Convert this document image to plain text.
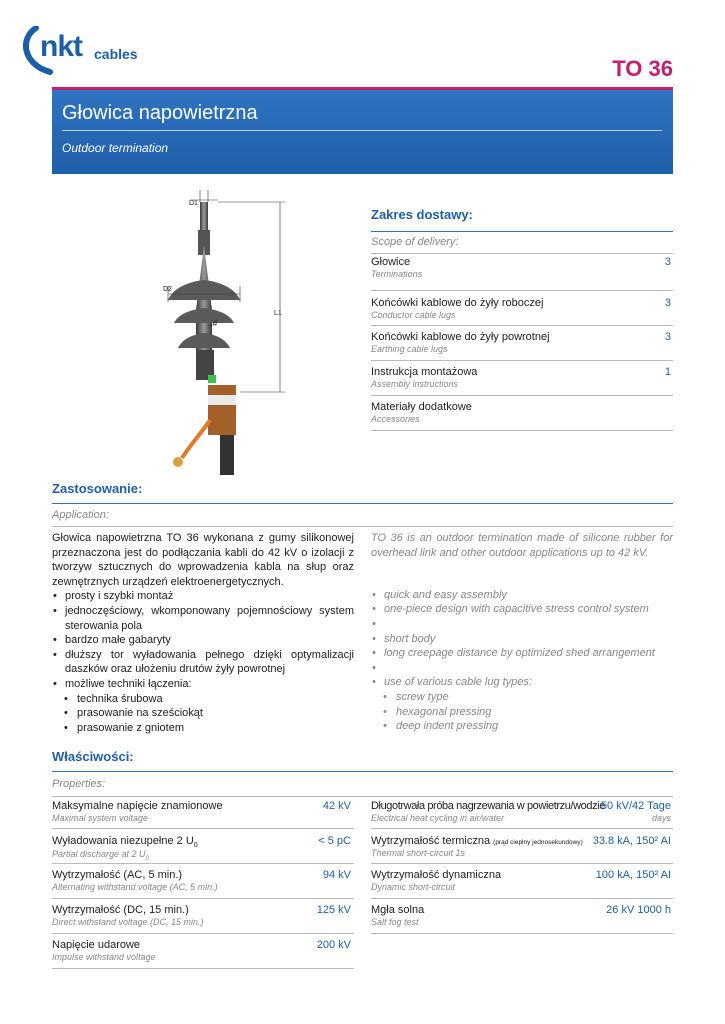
nkt cables
TO 36
Głowica napowietrzna
Outdoor termination
D1
D2
d
L1
Zakres dostawy:
Scope of delivery:
Głowice
Terminations
3
Końcówki kablowe do żyły roboczej
Conductor cable lugs
3
Końcówki kablowe do żyły powrotnej
Earthing cable lugs
3
Instrukcja montażowa
Assembly instructions
1
Materiały dodatkowe
Accessories
Zastosowanie:
Application:
Głowica napowietrzna TO 36 wykonana z gumy silikonowej przeznaczona jest do podłączania kabli do 42 kV o izolacji z tworzyw sztucznych do wprowadzenia kabla na słup oraz zewnętrznych urządzeń elektroenergetycznych.
• prosty i szybki montaż
• jednoczęściowy, wkomponowany pojemnościowy system sterowania pola
• bardzo małe gabaryty
• dłuższy tor wyładowania pełnego dzięki optymalizacji daszków oraz ułożeniu drutów żyły powrotnej
• możliwe techniki łączenia:
• technika śrubowa
• prasowanie na sześciokąt
• prasowanie z gniotem
TO 36 is an outdoor termination made of silicone rubber for overhead link and other outdoor applications up to 42 kV.
• quick and easy assembly
• one-piece design with capacitive stress control system
•
• short body
• long creepage distance by optimized shed arrangement
•
• use of various cable lug types:
• screw type
• hexagonal pressing
• deep indent pressing
Właściwości:
Properties:
Maksymalne napięcie znamionowe
Maximal system voltage
42 kV
Wyładowania niezupełne 2 $U_0$
Partial discharge at 2 $U_0$
< 5 pC
Wytrzymałość (AC, 5 min.)
Alternating withstand voltage (AC, 5 min.)
94 kV
Wytrzymałość (DC, 15 min.)
Direct withstand voltage (DC, 15 min.)
125 kV
Napięcie udarowe
Impulse withstand voltage
200 kV
Długotrwała próba nagrzewania w powietrzu/wodzie
Electrical heat cycling in air/water
50 kV/42 Tage
days
Wytrzymałość termiczna (prąd cieplny jednosekundowy)
Thermal short-circuit 1s
33.8 kA, 150² AI
Wytrzymałość dynamiczna
Dynamic short-circuit
100 kA, 150² AI
Mgła solna
Salt fog test
26 kV 1000 h
